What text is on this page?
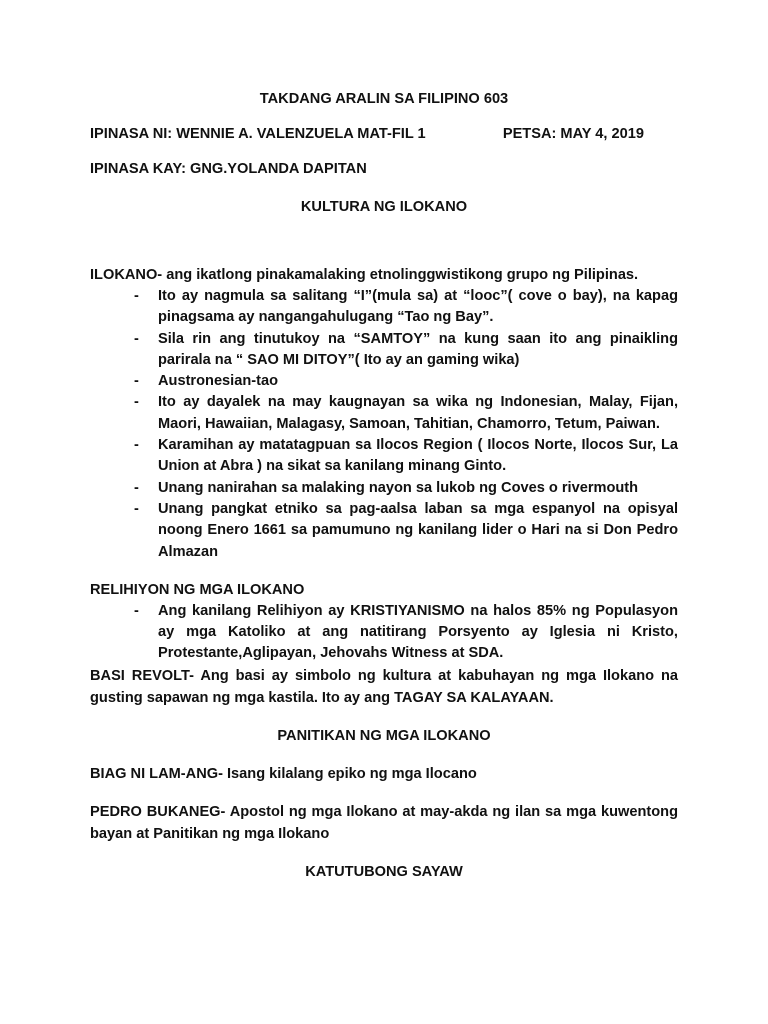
TAKDANG ARALIN SA FILIPINO 603

IPINASA NI: WENNIE A. VALENZUELA MAT-FIL 1	PETSA: MAY 4, 2019

IPINASA KAY: GNG.YOLANDA DAPITAN

KULTURA NG ILOKANO

ILOKANO- ang ikatlong pinakamalaking etnolinggwistikong grupo ng Pilipinas.

- Ito ay nagmula sa salitang “I”(mula sa) at “looc”( cove o bay), na kapag pinagsama ay nangangahulugang “Tao ng Bay”.
- Sila rin ang tinutukoy na “SAMTOY” na kung saan ito ang pinaikling parirala na “ SAO MI DITOY”( Ito ay an gaming wika)
- Austronesian-tao
- Ito ay dayalek na may kaugnayan sa wika ng Indonesian, Malay, Fijan, Maori, Hawaiian, Malagasy, Samoan, Tahitian, Chamorro, Tetum, Paiwan.
- Karamihan ay matatagpuan sa Ilocos Region ( Ilocos Norte, Ilocos Sur, La Union at Abra ) na sikat sa kanilang minang Ginto.
- Unang nanirahan sa malaking nayon sa lukob ng Coves o rivermouth
- Unang pangkat etniko sa pag-aalsa laban sa mga espanyol na opisyal noong Enero 1661 sa pamumuno ng kanilang lider o Hari na si Don Pedro Almazan

RELIHIYON NG MGA ILOKANO

- Ang kanilang Relihiyon ay KRISTIYANISMO na halos 85% ng Populasyon ay mga Katoliko at ang natitirang Porsyento ay Iglesia ni Kristo, Protestante,Aglipayan, Jehovahs Witness at SDA.

BASI REVOLT- Ang basi ay simbolo ng kultura at kabuhayan ng mga Ilokano na gusting sapawan ng mga kastila. Ito ay ang TAGAY SA KALAYAAN.

PANITIKAN NG MGA ILOKANO

BIAG NI LAM-ANG- Isang kilalang epiko ng mga Ilocano

PEDRO BUKANEG- Apostol ng mga Ilokano at may-akda ng ilan sa mga kuwentong bayan at Panitikan ng mga Ilokano

KATUTUBONG SAYAW
